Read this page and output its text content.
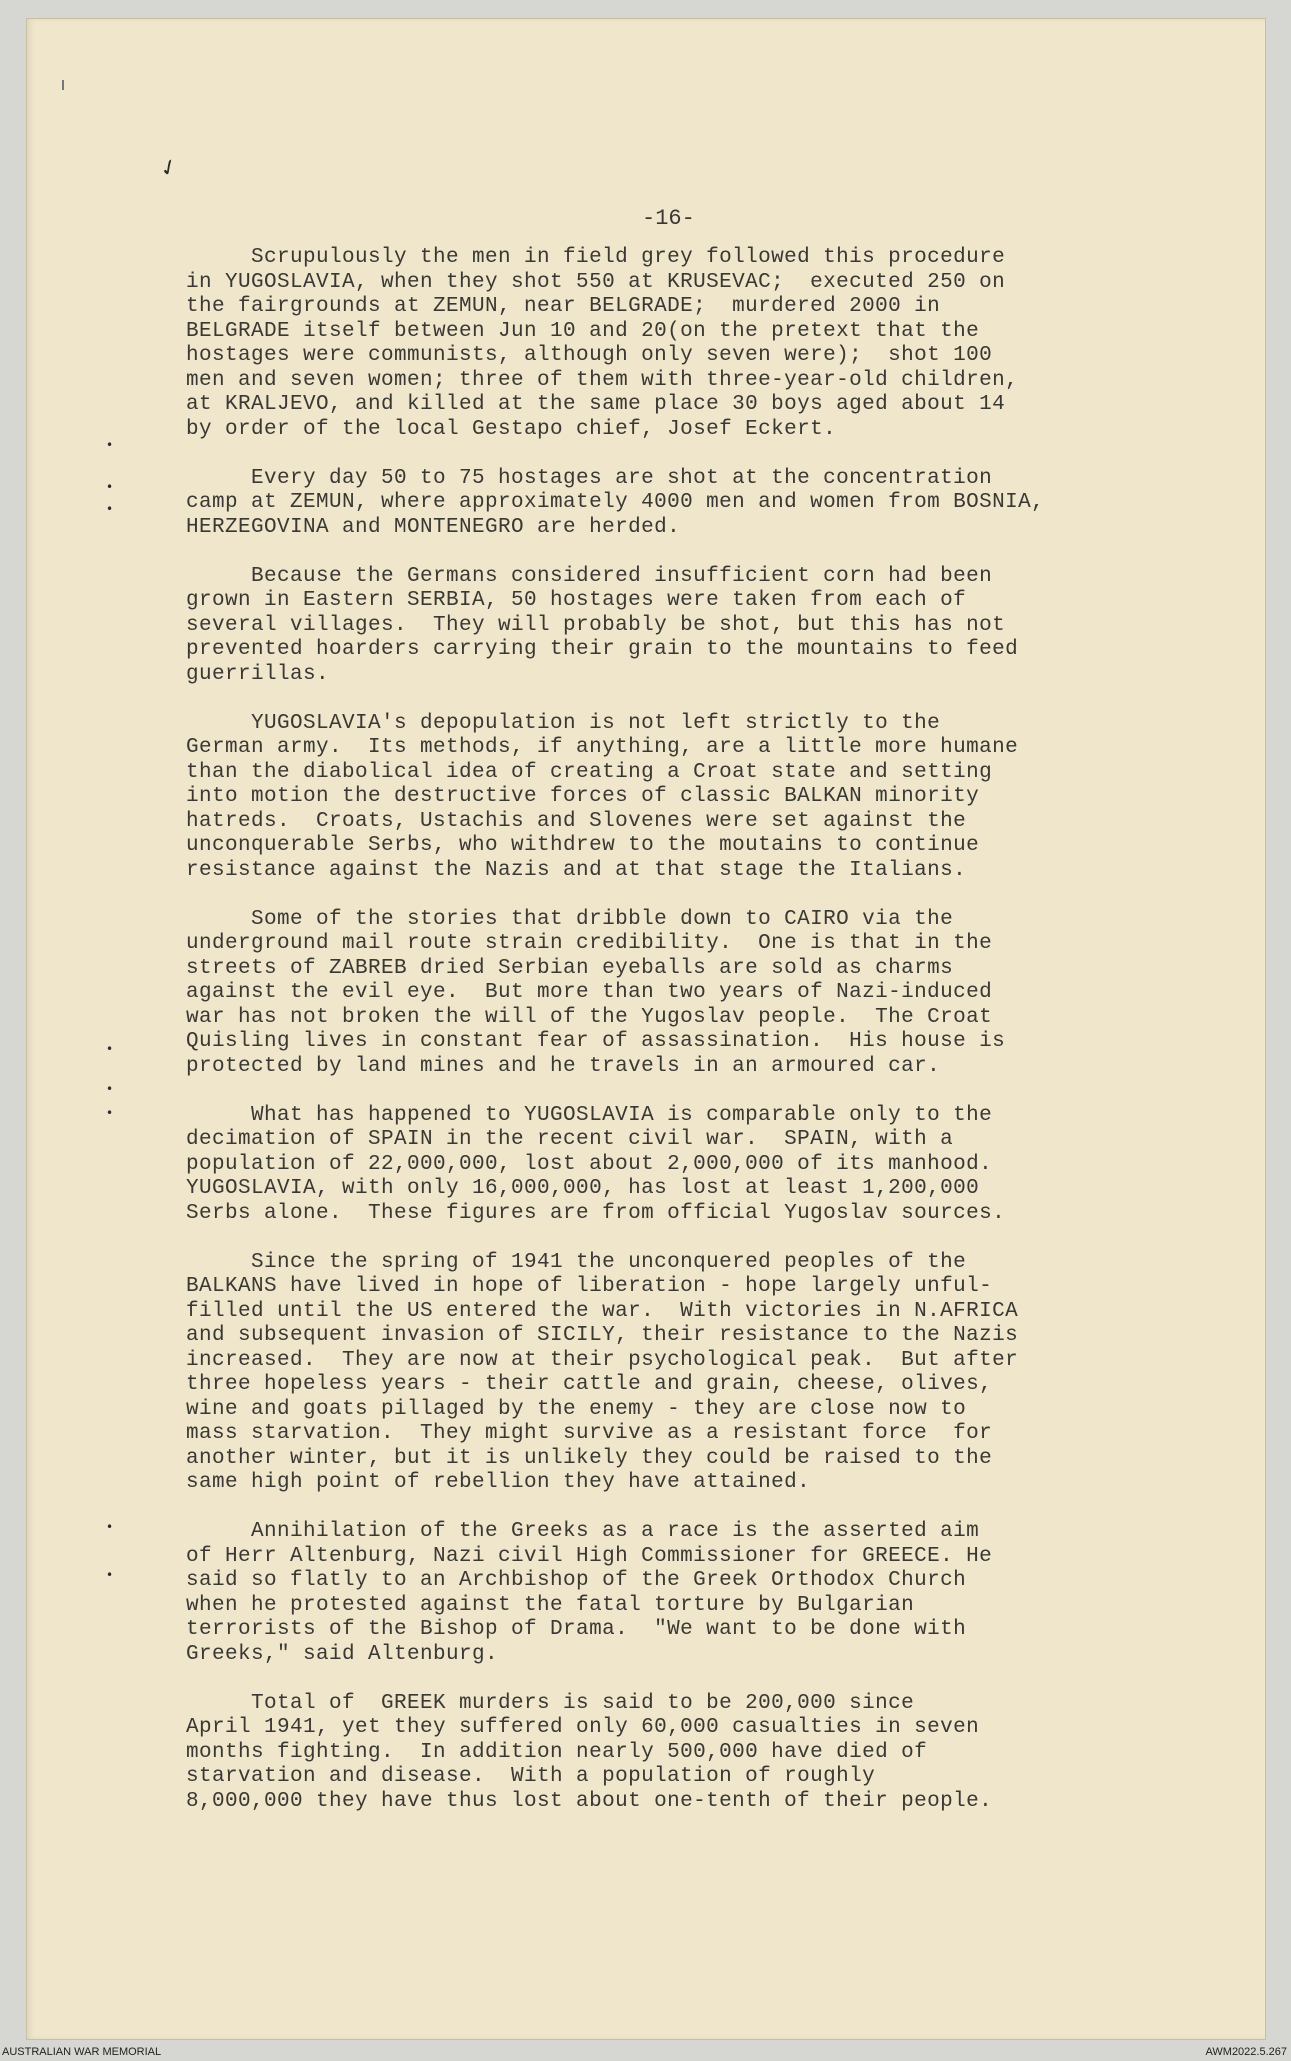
✓
•
•
•
•
•
•
•
•
-16-
Scrupulously the men in field grey followed this procedure
in YUGOSLAVIA, when they shot 550 at KRUSEVAC;  executed 250 on
the fairgrounds at ZEMUN, near BELGRADE;  murdered 2000 in
BELGRADE itself between Jun 10 and 20(on the pretext that the
hostages were communists, although only seven were);  shot 100
men and seven women; three of them with three-year-old children,
at KRALJEVO, and killed at the same place 30 boys aged about 14
by order of the local Gestapo chief, Josef Eckert.
Every day 50 to 75 hostages are shot at the concentration
camp at ZEMUN, where approximately 4000 men and women from BOSNIA,
HERZEGOVINA and MONTENEGRO are herded.
Because the Germans considered insufficient corn had been
grown in Eastern SERBIA, 50 hostages were taken from each of
several villages.  They will probably be shot, but this has not
prevented hoarders carrying their grain to the mountains to feed
guerrillas.
YUGOSLAVIA's depopulation is not left strictly to the
German army.  Its methods, if anything, are a little more humane
than the diabolical idea of creating a Croat state and setting
into motion the destructive forces of classic BALKAN minority
hatreds.  Croats, Ustachis and Slovenes were set against the
unconquerable Serbs, who withdrew to the moutains to continue
resistance against the Nazis and at that stage the Italians.
Some of the stories that dribble down to CAIRO via the
underground mail route strain credibility.  One is that in the
streets of ZABREB dried Serbian eyeballs are sold as charms
against the evil eye.  But more than two years of Nazi-induced
war has not broken the will of the Yugoslav people.  The Croat
Quisling lives in constant fear of assassination.  His house is
protected by land mines and he travels in an armoured car.
What has happened to YUGOSLAVIA is comparable only to the
decimation of SPAIN in the recent civil war.  SPAIN, with a
population of 22,000,000, lost about 2,000,000 of its manhood.
YUGOSLAVIA, with only 16,000,000, has lost at least 1,200,000
Serbs alone.  These figures are from official Yugoslav sources.
Since the spring of 1941 the unconquered peoples of the
BALKANS have lived in hope of liberation - hope largely unful-
filled until the US entered the war.  With victories in N.AFRICA
and subsequent invasion of SICILY, their resistance to the Nazis
increased.  They are now at their psychological peak.  But after
three hopeless years - their cattle and grain, cheese, olives,
wine and goats pillaged by the enemy - they are close now to
mass starvation.  They might survive as a resistant force  for
another winter, but it is unlikely they could be raised to the
same high point of rebellion they have attained.
Annihilation of the Greeks as a race is the asserted aim
of Herr Altenburg, Nazi civil High Commissioner for GREECE. He
said so flatly to an Archbishop of the Greek Orthodox Church
when he protested against the fatal torture by Bulgarian
terrorists of the Bishop of Drama.  "We want to be done with
Greeks," said Altenburg.
Total of  GREEK murders is said to be 200,000 since
April 1941, yet they suffered only 60,000 casualties in seven
months fighting.  In addition nearly 500,000 have died of
starvation and disease.  With a population of roughly
8,000,000 they have thus lost about one-tenth of their people.
AUSTRALIAN WAR MEMORIAL	AWM2022.5.267
